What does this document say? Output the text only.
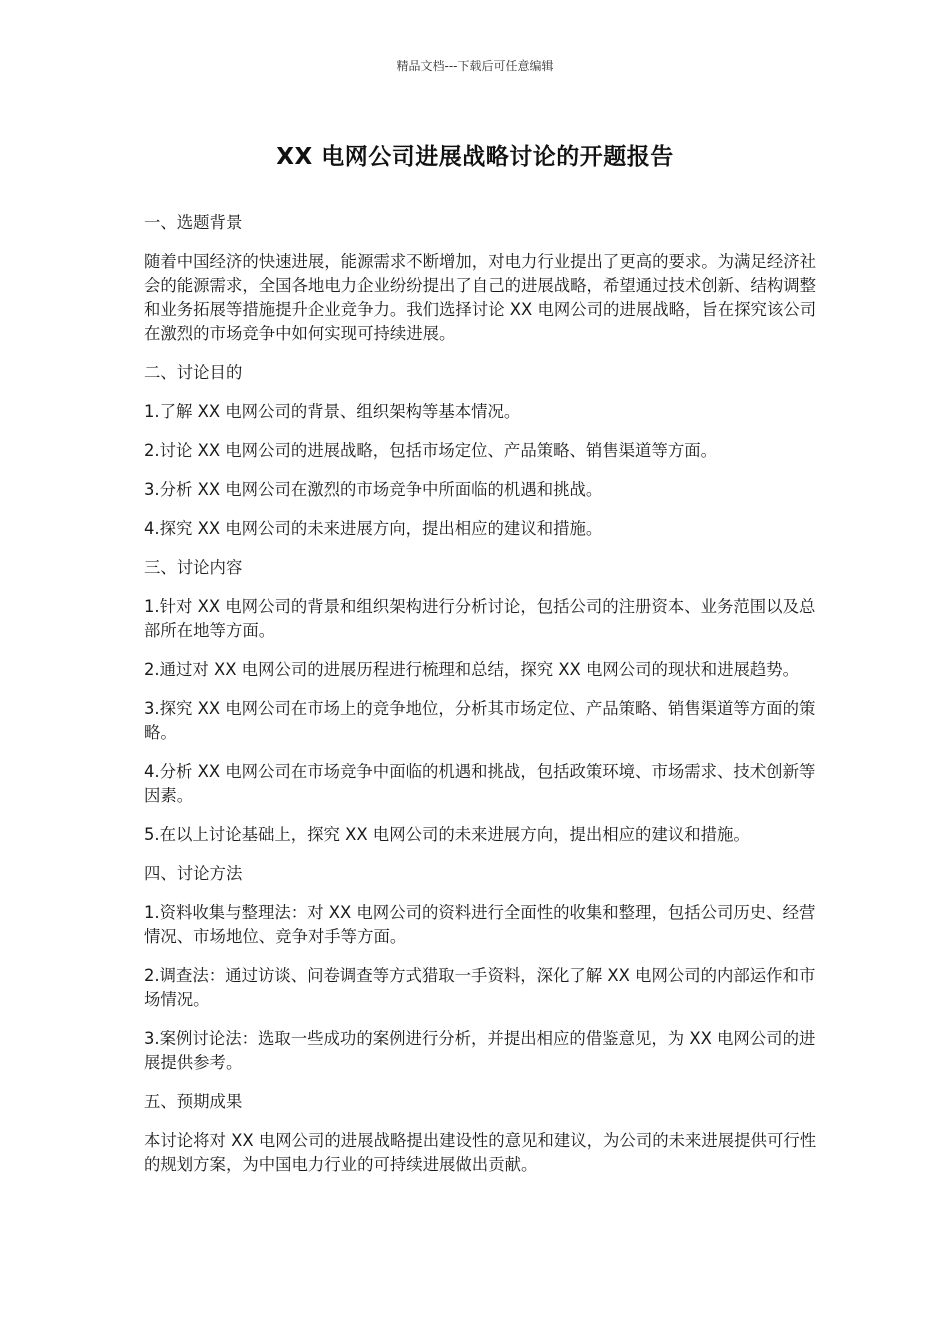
精品文档---下载后可任意编辑
XX 电网公司进展战略讨论的开题报告
一、选题背景

随着中国经济的快速进展，能源需求不断增加，对电力行业提出了更高的要求。为满足经济社会的能源需求，全国各地电力企业纷纷提出了自己的进展战略，希望通过技术创新、结构调整和业务拓展等措施提升企业竞争力。我们选择讨论 XX 电网公司的进展战略，旨在探究该公司在激烈的市场竞争中如何实现可持续进展。

二、讨论目的

1.了解 XX 电网公司的背景、组织架构等基本情况。

2.讨论 XX 电网公司的进展战略，包括市场定位、产品策略、销售渠道等方面。

3.分析 XX 电网公司在激烈的市场竞争中所面临的机遇和挑战。

4.探究 XX 电网公司的未来进展方向，提出相应的建议和措施。

三、讨论内容

1.针对 XX 电网公司的背景和组织架构进行分析讨论，包括公司的注册资本、业务范围以及总部所在地等方面。

2.通过对 XX 电网公司的进展历程进行梳理和总结，探究 XX 电网公司的现状和进展趋势。

3.探究 XX 电网公司在市场上的竞争地位，分析其市场定位、产品策略、销售渠道等方面的策略。

4.分析 XX 电网公司在市场竞争中面临的机遇和挑战，包括政策环境、市场需求、技术创新等因素。

5.在以上讨论基础上，探究 XX 电网公司的未来进展方向，提出相应的建议和措施。

四、讨论方法

1.资料收集与整理法：对 XX 电网公司的资料进行全面性的收集和整理，包括公司历史、经营情况、市场地位、竞争对手等方面。

2.调查法：通过访谈、问卷调查等方式猎取一手资料，深化了解 XX 电网公司的内部运作和市场情况。

3.案例讨论法：选取一些成功的案例进行分析，并提出相应的借鉴意见，为 XX 电网公司的进展提供参考。

五、预期成果

本讨论将对 XX 电网公司的进展战略提出建设性的意见和建议，为公司的未来进展提供可行性的规划方案，为中国电力行业的可持续进展做出贡献。
